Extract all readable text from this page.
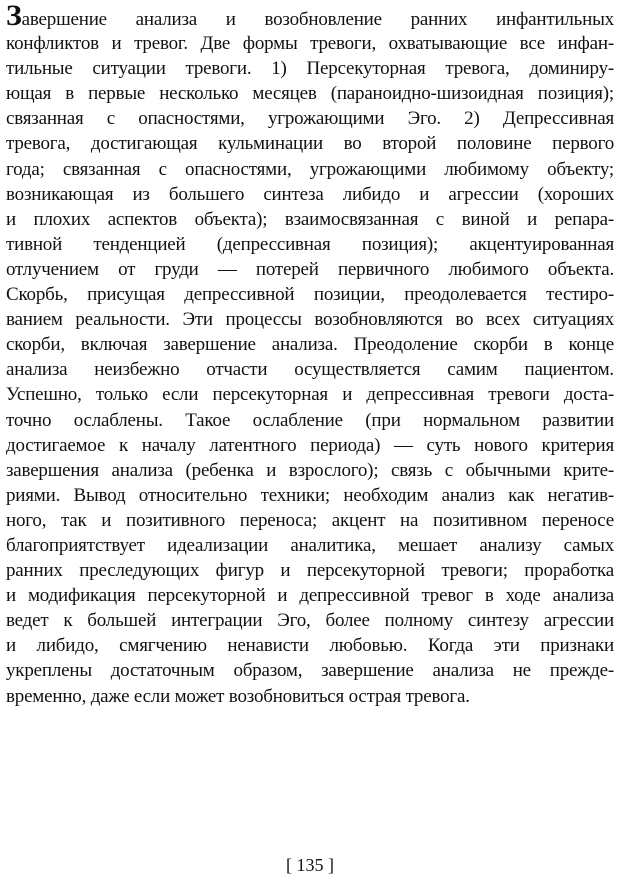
Завершение анализа и возобновление ранних инфантильных
конфликтов и тревог. Две формы тревоги, охватывающие все инфан-
тильные ситуации тревоги. 1) Персекуторная тревога, доминиру-
ющая в первые несколько месяцев (параноидно-шизоидная позиция);
связанная с опасностями, угрожающими Эго. 2) Депрессивная
тревога, достигающая кульминации во второй половине первого
года; связанная с опасностями, угрожающими любимому объекту;
возникающая из большего синтеза либидо и агрессии (хороших
и плохих аспектов объекта); взаимосвязанная с виной и репара-
тивной тенденцией (депрессивная позиция); акцентуированная
отлучением от груди — потерей первичного любимого объекта.
Скорбь, присущая депрессивной позиции, преодолевается тестиро-
ванием реальности. Эти процессы возобновляются во всех ситуациях
скорби, включая завершение анализа. Преодоление скорби в конце
анализа неизбежно отчасти осуществляется самим пациентом.
Успешно, только если персекуторная и депрессивная тревоги доста-
точно ослаблены. Такое ослабление (при нормальном развитии
достигаемое к началу латентного периода) — суть нового критерия
завершения анализа (ребенка и взрослого); связь с обычными крите-
риями. Вывод относительно техники; необходим анализ как негатив-
ного, так и позитивного переноса; акцент на позитивном переносе
благоприятствует идеализации аналитика, мешает анализу самых
ранних преследующих фигур и персекуторной тревоги; проработка
и модификация персекуторной и депрессивной тревог в ходе анализа
ведет к большей интеграции Эго, более полному синтезу агрессии
и либидо, смягчению ненависти любовью. Когда эти признаки
укреплены достаточным образом, завершение анализа не прежде-
временно, даже если может возобновиться острая тревога.
[ 135 ]
